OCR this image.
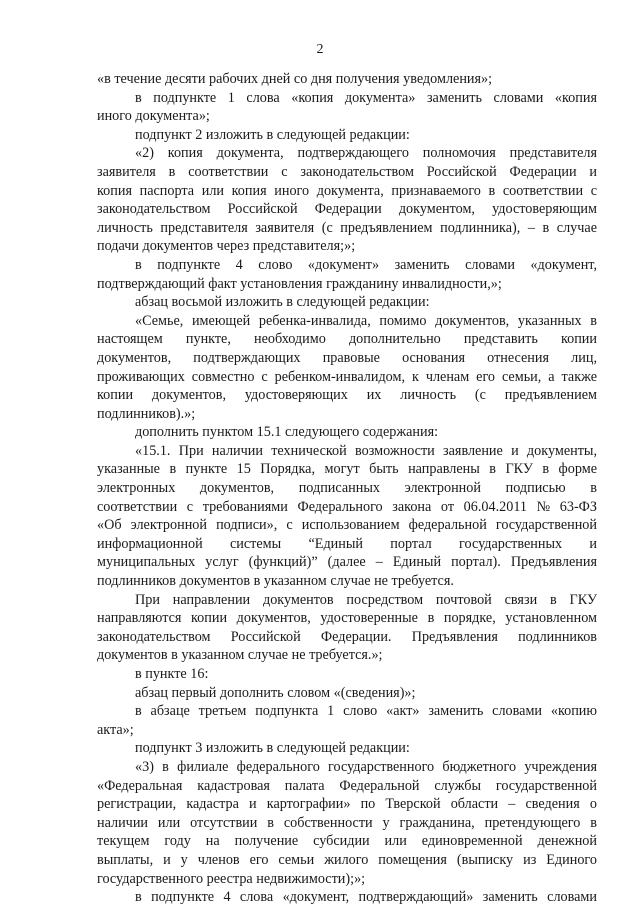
2
«в течение десяти рабочих дней со дня получения уведомления»;
в подпункте 1 слова «копия документа» заменить словами «копия
иного документа»;
подпункт 2 изложить в следующей редакции:
«2) копия документа, подтверждающего полномочия представителя
заявителя в соответствии с законодательством Российской Федерации и
копия паспорта или копия иного документа, признаваемого в соответствии с
законодательством Российской Федерации документом, удостоверяющим
личность представителя заявителя (с предъявлением подлинника), – в случае
подачи документов через представителя;»;
в подпункте 4 слово «документ» заменить словами «документ,
подтверждающий факт установления гражданину инвалидности,»;
абзац восьмой изложить в следующей редакции:
«Семье, имеющей ребенка-инвалида, помимо документов, указанных в
настоящем пункте, необходимо дополнительно представить копии
документов, подтверждающих правовые основания отнесения лиц,
проживающих совместно с ребенком-инвалидом, к членам его семьи, а также
копии документов, удостоверяющих их личность (с предъявлением
подлинников).»;
дополнить пунктом 15.1 следующего содержания:
«15.1. При наличии технической возможности заявление и документы,
указанные в пункте 15 Порядка, могут быть направлены в ГКУ в форме
электронных документов, подписанных электронной подписью в
соответствии с требованиями Федерального закона от 06.04.2011 № 63-ФЗ
«Об электронной подписи», с использованием федеральной государственной
информационной системы “Единый портал государственных и
муниципальных услуг (функций)” (далее – Единый портал). Предъявления
подлинников документов в указанном случае не требуется.
При направлении документов посредством почтовой связи в ГКУ
направляются копии документов, удостоверенные в порядке, установленном
законодательством Российской Федерации. Предъявления подлинников
документов в указанном случае не требуется.»;
в пункте 16:
абзац первый дополнить словом «(сведения)»;
в абзаце третьем подпункта 1 слово «акт» заменить словами «копию
акта»;
подпункт 3 изложить в следующей редакции:
«3) в филиале федерального государственного бюджетного учреждения
«Федеральная кадастровая палата Федеральной службы государственной
регистрации, кадастра и картографии» по Тверской области – сведения о
наличии или отсутствии в собственности у гражданина, претендующего в
текущем году на получение субсидии или единовременной денежной
выплаты, и у членов его семьи жилого помещения (выписку из Единого
государственного реестра недвижимости);»;
в подпункте 4 слова «документ, подтверждающий» заменить словами
